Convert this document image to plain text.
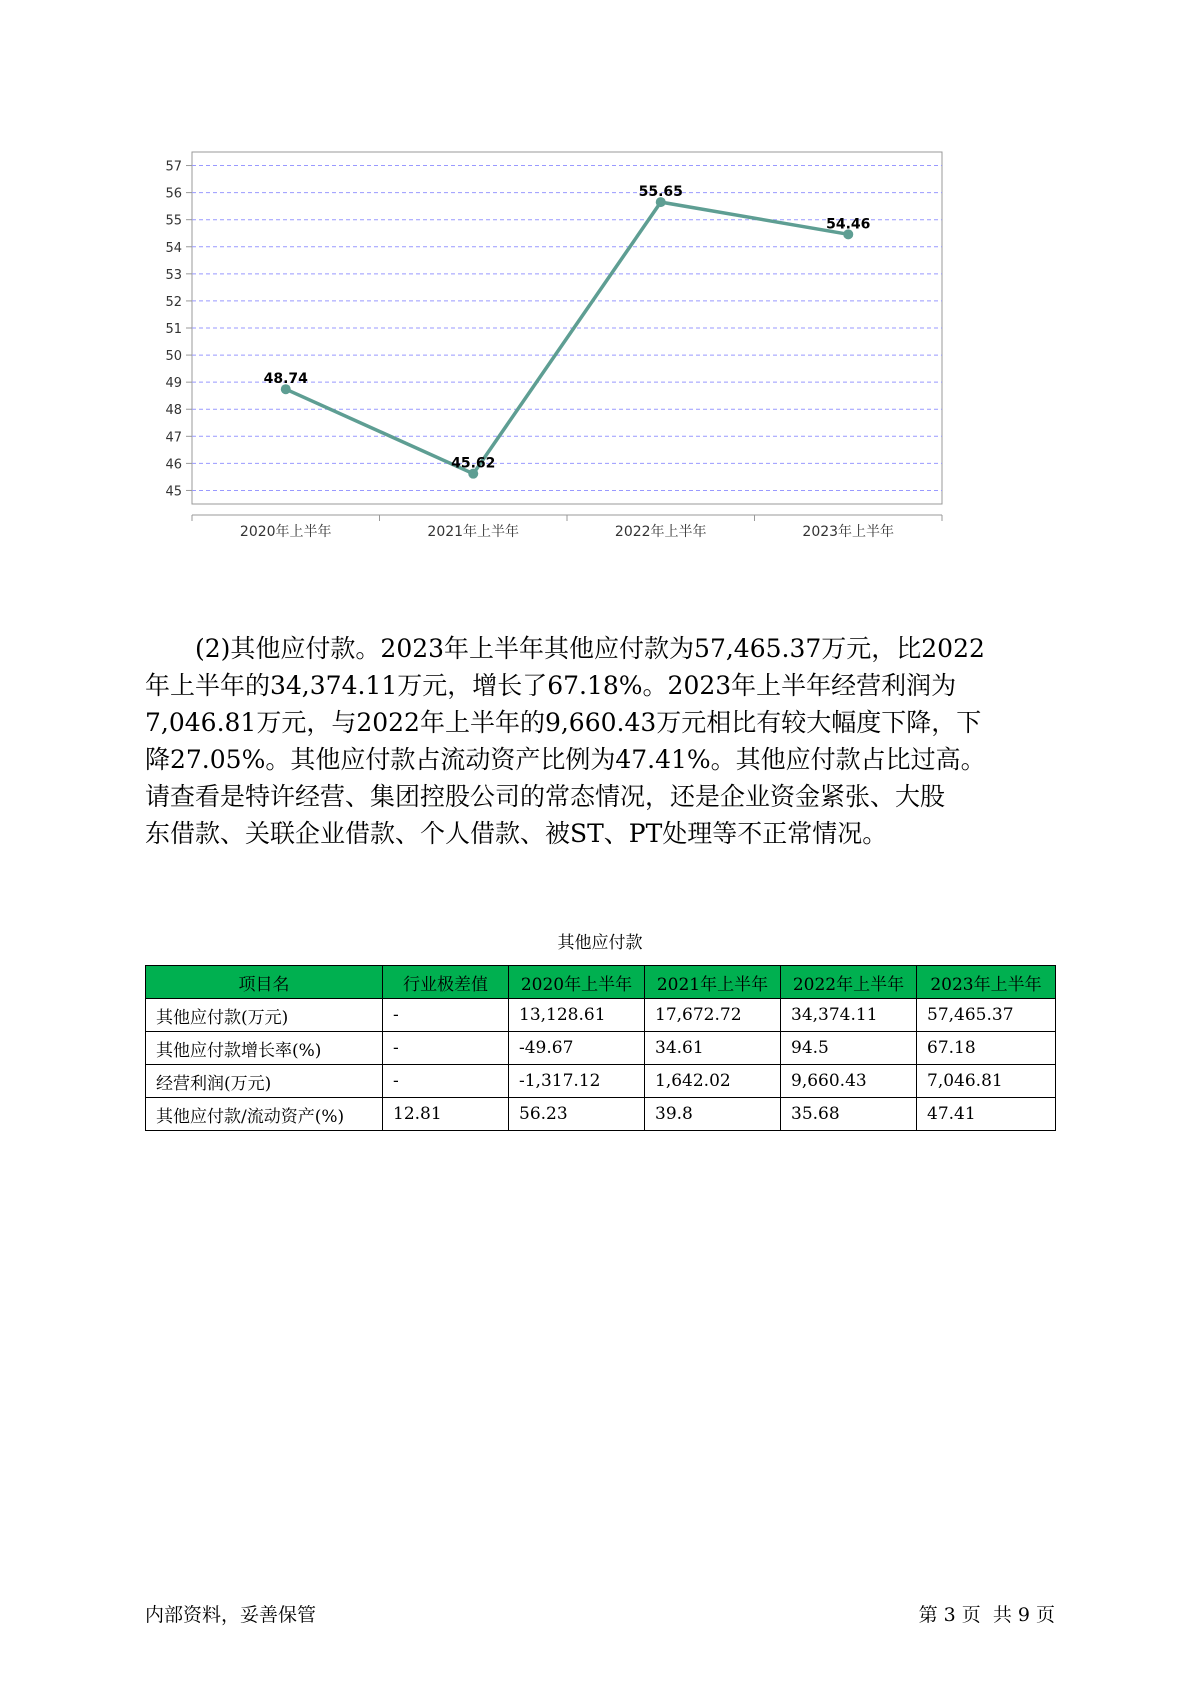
57
56
55
54
53
52
51
50
49
48
47
46
45
2020年上半年	2021年上半年	2022年上半年	2023年上半年
48.74
45.62
55.65
54.46
(2)其他应付款。2023年上半年其他应付款为57,465.37万元，比2022
年上半年的34,374.11万元，增长了67.18%。2023年上半年经营利润为
7,046.81万元，与2022年上半年的9,660.43万元相比有较大幅度下降，下
降27.05%。其他应付款占流动资产比例为47.41%。其他应付款占比过高。
请查看是特许经营、集团控股公司的常态情况，还是企业资金紧张、大股
东借款、关联企业借款、个人借款、被ST、PT处理等不正常情况。
其他应付款
项目名	行业极差值	2020年上半年	2021年上半年	2022年上半年	2023年上半年
其他应付款(万元)	-	13,128.61	17,672.72	34,374.11	57,465.37
其他应付款增长率(%)	-	-49.67	34.61	94.5	67.18
经营利润(万元)	-	-1,317.12	1,642.02	9,660.43	7,046.81
其他应付款/流动资产(%)	12.81	56.23	39.8	35.68	47.41
内部资料，妥善保管	第 3 页  共 9 页
